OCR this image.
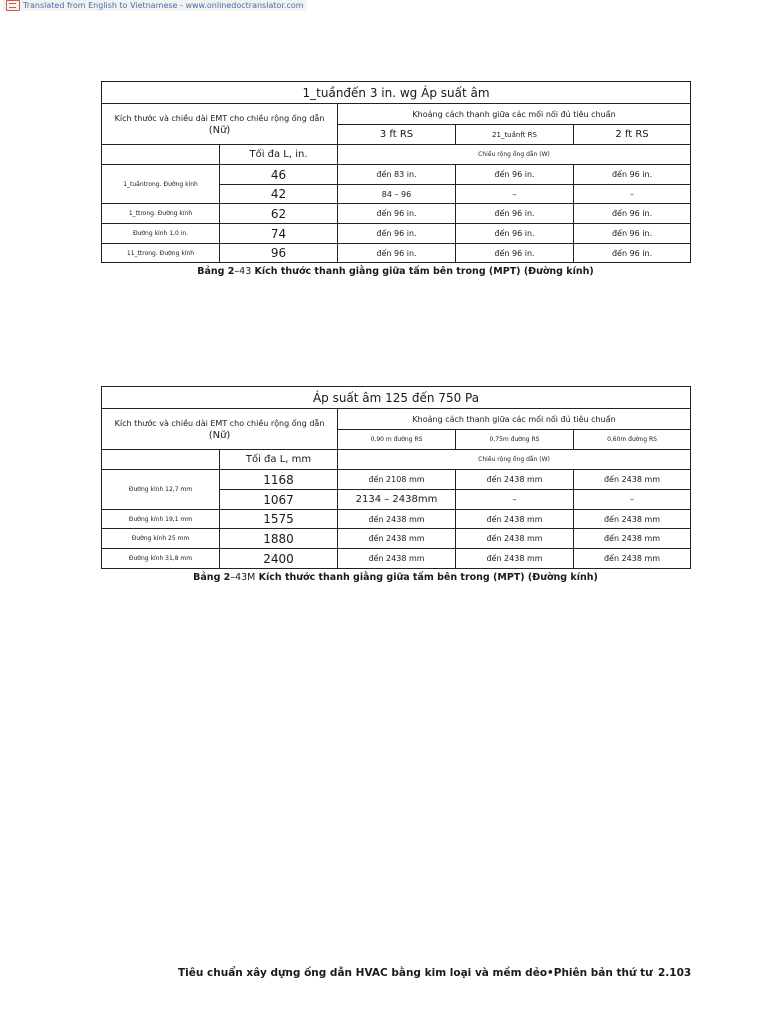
Translated from English to Vietnamese - www.onlinedoctranslator.com
1_tuầnđến 3 in. wg Áp suất âm				

Kích thước và chiều dài EMT cho chiều rộng ống dẫn
(Nữ)		Khoảng cách thanh giữa các mối nối đủ tiêu chuẩn		
		3 ft RS	21_tuầnft RS	2 ft RS
	Tối đa L, in.	Chiều rộng ống dẫn (W)		
1_tuầntrong. Đường kính	46	đến 83 in.	đến 96 in.	đến 96 in.
	42	84 – 96	–	–
1_ttrong. Đường kính	62	đến 96 in.	đến 96 in.	đến 96 in.
Đường kính 1,0 in.	74	đến 96 in.	đến 96 in.	đến 96 in.
11_ttrong. Đường kính	96	đến 96 in.	đến 96 in.	đến 96 in.
Bảng 2–43 Kích thước thanh giằng giữa tấm bên trong (MPT) (Đường kính)
Áp suất âm 125 đến 750 Pa				

Kích thước và chiều dài EMT cho chiều rộng ống dẫn
(Nữ)		Khoảng cách thanh giữa các mối nối đủ tiêu chuẩn		
		0,90 m đường RS	0,75m đường RS	0,60m đường RS
	Tối đa L, mm	Chiều rộng ống dẫn (W)		
Đường kính 12,7 mm	1168	đến 2108 mm	đến 2438 mm	đến 2438 mm
	1067	2134 – 2438mm	–	–
Đường kính 19,1 mm	1575	đến 2438 mm	đến 2438 mm	đến 2438 mm
Đường kính 25 mm	1880	đến 2438 mm	đến 2438 mm	đến 2438 mm
Đường kính 31,8 mm	2400	đến 2438 mm	đến 2438 mm	đến 2438 mm
Bảng 2–43M Kích thước thanh giằng giữa tấm bên trong (MPT) (Đường kính)
Tiêu chuẩn xây dựng ống dẫn HVAC bằng kim loại và mềm dẻo•Phiên bản thứ tư 2.103
